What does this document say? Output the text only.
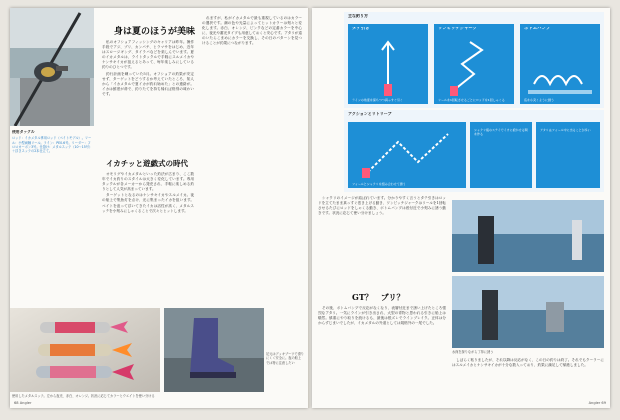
使用タックル
ロッド：イカメタル専用ロッド（ベイトモデル）。リール：小型両軸リール。ライン：PE0.6号。リーダー：フロロカーボン3号。仕掛け：メタルスッテ（10〜15号）＋浮きスッテの2本仕立て。
身は夏のほうが美味

私のオフショアフィッシングのキャリアは昨年。操作手段でアジ、ブリ、カンパチ、ヒラマサをはじめ、近年はスロージギング、タイラバなどを楽しんでいます。夏のイカメタルは、ライトタックルで手軽にスルメイカやケンサキイカが狙えるとあって、毎年楽しみにしている釣りのひとつです。

釣行計画を練っていた5月。オフショアの釣果が安定せず、ターゲットをどうするか考えていたところ、知人から「イカメタルで夏イカが釣れ始めた」との連絡が。イカは鮮度が命で、釣りたてを持ち帰れば格別の味わいです。

イカチッと遊戯式の時代

オモリグやイカメタルといった釣法が広まり、ここ数年でイカ釣りのスタイルは大きく変化しています。専用タックルが各メーカーから発売され、手軽に楽しめる釣りとして人気が高まっています。

ターゲットとなるのはケンサキイカやスルメイカ。夜の船上で集魚灯を点け、光に集まったイカを狙います。ベイトを追って浮いてきたイカは活性が高く、メタルスッテを小刻みにしゃくることで次々とヒットします。

れますが、私がイカメタルで最も重視しているのはカラーの選択です。潮の色や光量によってヒットカラーは刻々と変化します。赤白、オレンジ、ピンクなどの定番カラーを中心に、夜光や蓄光タイプも用意しておくと安心です。アタリが遠のいたらこまめにカラーを交換し、その日のパターンを見つけることが釣果につながります。

使用したメタルスッテ。左から夜光、赤白、オレンジ。状況に応じてカラーとウエイトを使い分ける
足元はデッキブーツで滑りにくく安全に。夜の船上では特に注意したい
68 Angler
主な釣り方
タテ引き
ラインの角度を保ちつつ真っすぐ引く
ワンピッチジャーク
リールを1回転させるごとにロッドを1回しゃくる
ボトムバンプ
底を小突くように誘う
アクションとリトリーブ
フォールとシャクリを組み合わせて誘う
シャクリ後のステイでイカに抱かせる間を作る
アタリはフォール中に出ることが多い

シャクリのイメージが結ばれています。分かりやすく言うとタテ引きはロッドを立てたまま真っすぐ巻き上げる動き、ワンピッチジャークはリールを1回転させるたびにロッドをしゃくる動き、ボトムバンプは底付近で小刻みに誘う動きです。状況に応じて使い分けましょう。

GT？　ブリ？

その後、ボトムバンプで反応がなくなり、表層付近まで誘い上げたところ強烈なアタリ。一気にラインが引き出され、大型の青物と思われる引きに船上は騒然。慎重にやり取りを続けるも、最後は根ズレでラインブレイク。正体は分からずじまいでしたが、イカメタルの外道としては規格外の一尾でした。

水深を探りながら丁寧に誘う

しばらく粘りましたが、それ以降は反応がなく、この日の釣りは終了。それでもクーラーにはスルメイカとケンサキイカが十分な数入っており、釣果に満足して帰港しました。

Angler 69
